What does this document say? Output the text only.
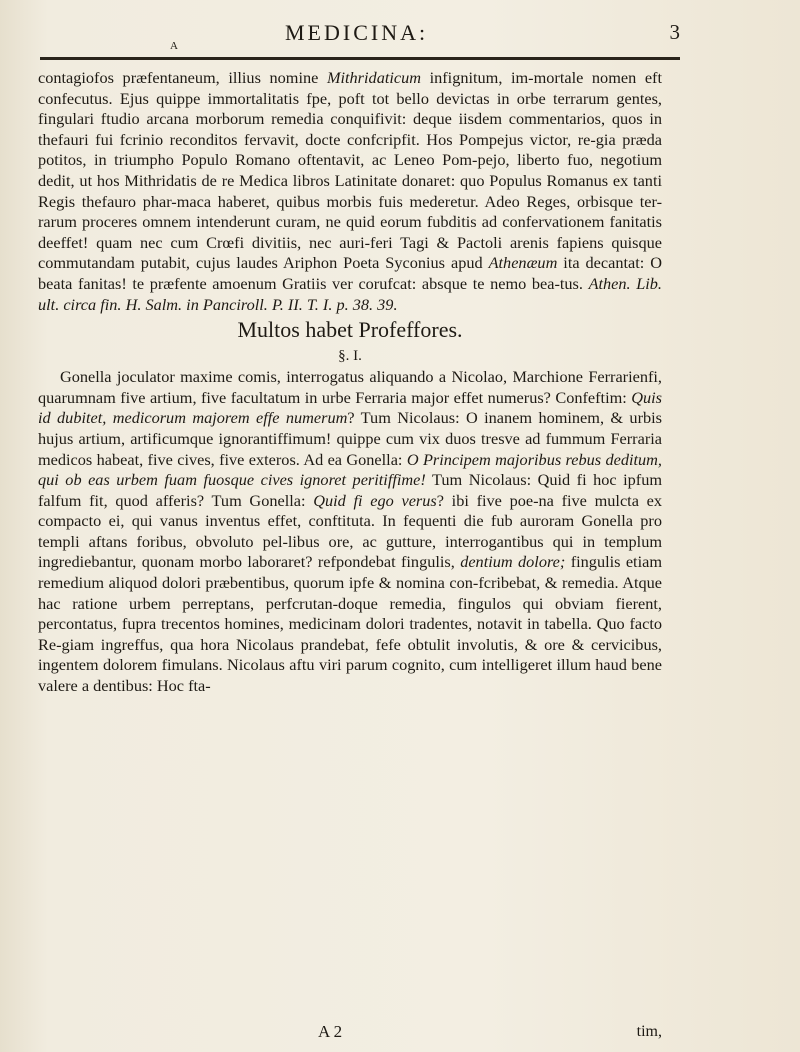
A
MEDICINA:	3

contagiofos præfentaneum, illius nomine Mithridaticum infignitum, im-mortale nomen eft confecutus. Ejus quippe immortalitatis fpe, poft tot bello devictas in orbe terrarum gentes, fingulari ftudio arcana morborum remedia conquifivit: deque iisdem commentarios, quos in thefauri fui fcrinio reconditos fervavit, docte confcripfit. Hos Pompejus victor, re-gia præda potitos, in triumpho Populo Romano oftentavit, ac Leneo Pom-pejo, liberto fuo, negotium dedit, ut hos Mithridatis de re Medica libros Latinitate donaret: quo Populus Romanus ex tanti Regis thefauro phar-maca haberet, quibus morbis fuis mederetur. Adeo Reges, orbisque ter-rarum proceres omnem intenderunt curam, ne quid eorum fubditis ad confervationem fanitatis deeffet! quam nec cum Crœfi divitiis, nec auri-feri Tagi & Pactoli arenis fapiens quisque commutandam putabit, cujus laudes Ariphon Poeta Syconius apud Athenæum ita decantat: O beata fanitas! te præfente amoenum Gratiis ver corufcat: absque te nemo bea-tus. Athen. Lib. ult. circa fin. H. Salm. in Panciroll. P. II. T. I. p. 38. 39.

Multos habet Profeffores.
§. I.

Gonella joculator maxime comis, interrogatus aliquando a Nicolao, Marchione Ferrarienfi, quarumnam five artium, five facultatum in urbe Ferraria major effet numerus? Confeftim: Quis id dubitet, medicorum majorem effe numerum? Tum Nicolaus: O inanem hominem, & urbis hujus artium, artificumque ignorantiffimum! quippe cum vix duos tresve ad fummum Ferraria medicos habeat, five cives, five exteros. Ad ea Gonella: O Principem majoribus rebus deditum, qui ob eas urbem fuam fuosque cives ignoret peritiffime! Tum Nicolaus: Quid fi hoc ipfum falfum fit, quod afferis? Tum Gonella: Quid fi ego verus? ibi five poe-na five mulcta ex compacto ei, qui vanus inventus effet, conftituta. In fequenti die fub auroram Gonella pro templi aftans foribus, obvoluto pel-libus ore, ac gutture, interrogantibus qui in templum ingrediebantur, quonam morbo laboraret? refpondebat fingulis, dentium dolore; fingulis etiam remedium aliquod dolori præbentibus, quorum ipfe & nomina con-fcribebat, & remedia. Atque hac ratione urbem perreptans, perfcrutan-doque remedia, fingulos qui obviam fierent, percontatus, fupra trecentos homines, medicinam dolori tradentes, notavit in tabella. Quo facto Re-giam ingreffus, qua hora Nicolaus prandebat, fefe obtulit involutis, & ore & cervicibus, ingentem dolorem fimulans. Nicolaus aftu viri parum cognito, cum intelligeret illum haud bene valere a dentibus: Hoc fta-

A 2	tim,
